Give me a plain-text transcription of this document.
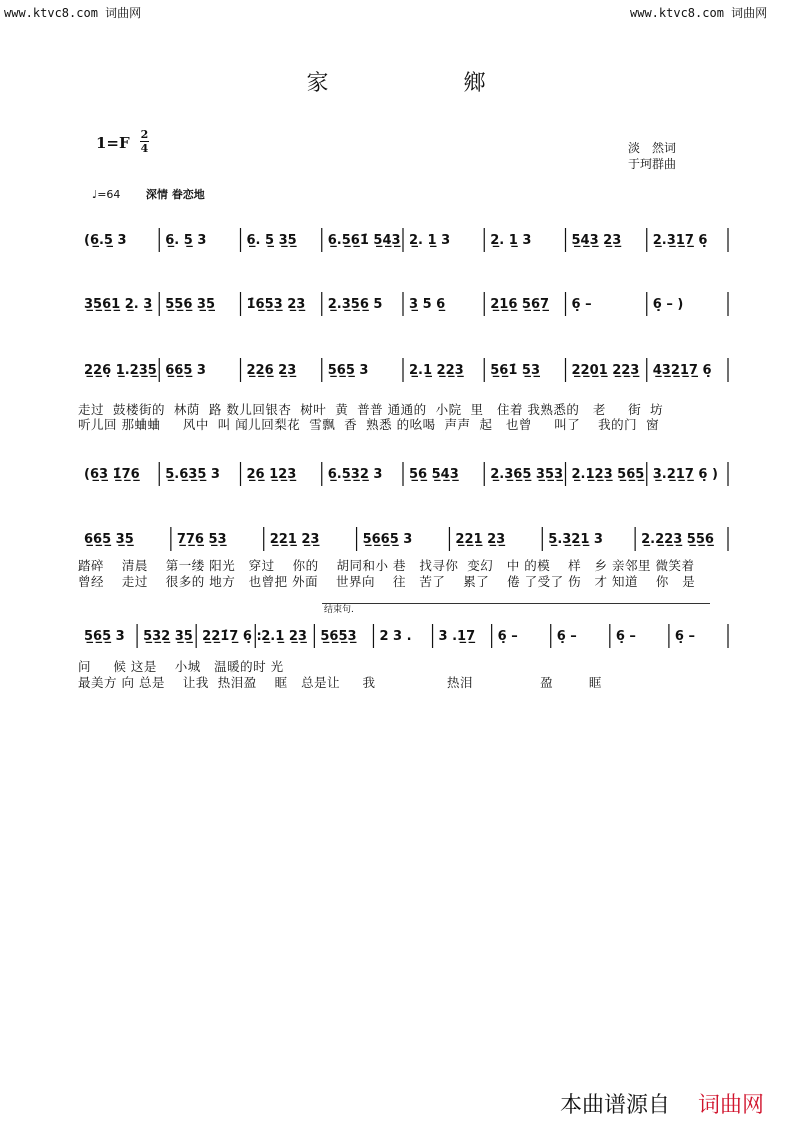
www.ktvc8.com 词曲网	www.ktvc8.com 词曲网
家 鄉
1=F 2
4	淡　然词
于珂群曲
♩=64 深情 眷恋地
(6̲.5̲ 3	6̲. 5̲ 3	6̲. 5̲ 3̲5̲ 6̲.5̲6̲1̇ 5̲4̲3̲ 2̲. 1̲ 3	2̲. 1̲ 3	5̲4̲3̲ 2̲3̲ 2̲.3̲1̲7̲ 6̣
3̲5̲6̲1̲ 2̲. 3̲ 5̲5̲6̲ 3̲5̲ 1̇6̲5̲3̲ 2̲3̲ 2̲.3̲5̲6̲ 5 3̲ 5 6̲	2̲1̲6̲ 5̲6̲7̲ 6̣ –	6̣ – )
2̲2̲6̣ 1̲.2̲3̲5̲ 6̲6̲5̲ 3	2̲2̲6̲ 2̲3̲ 5̲6̲5̲ 3	2̲.1̲ 2̲2̲3̲ 5̲6̲1̇ 5̲3̲ 2̲2̲0̲1̲ 2̲2̲3̲ 4̲3̲2̲1̲7̲ 6̣
走过  鼓楼街的  林荫  路 数儿回银杏  树叶  黄  普普 通通的  小院  里   住着 我熟悉的   老     街  坊
听儿回 那蛐蛐     风中  叫 闻儿回梨花  雪飘  香  熟悉 的吆喝  声声  起   也曾     叫了    我的门  窗
(6̲3̲ 1̲̇7̲6̲ 5̲.6̲3̲5̲ 3 2̲6̲ 1̲2̲3̲ 6̲.5̲3̲2̲ 3 5̲6̲ 5̲4̲3̲ 2̲.3̲6̲5̲ 3̲5̲3̲ 2̲.1̲2̲3̲ 5̲6̲5̲ 3̲.2̲1̲7̲ 6̣ )
6̲6̲5̲ 3̲5̲	7̲7̲6̲ 5̲3̲	2̲2̲1̲ 2̲3̲	5̲6̲6̲5̲ 3	2̲2̲1̲ 2̲3̲	5̲.3̲2̲1̲ 3	2̲.2̲2̲3̲ 5̲5̲6̲
踏碎    清晨    第一缕 阳光   穿过    你的    胡同和小 巷   找寻你  变幻   中 的模    样   乡 亲邻里 微笑着
曾经    走过    很多的 地方   也曾把 外面    世界向    往   苦了    累了    倦 了受了 伤   才 知道    你   是
结束句.
5̲6̲5̲ 3 5̲3̲2̲ 3̲5̲ 2̲2̲1̇7̲ 6̣ : 2̲.1̲ 2̲3̲ 5̲6̲5̲3̲ 2 3 . 3 .1̲7̲ 6̣ –	6̣ –	6̣ –	6̣ –
问     候 这是    小城   温暖的时 光
最美方 向 总是    让我  热泪盈    眶   总是让     我                热泪               盈        眶
本曲谱源自 词曲网
